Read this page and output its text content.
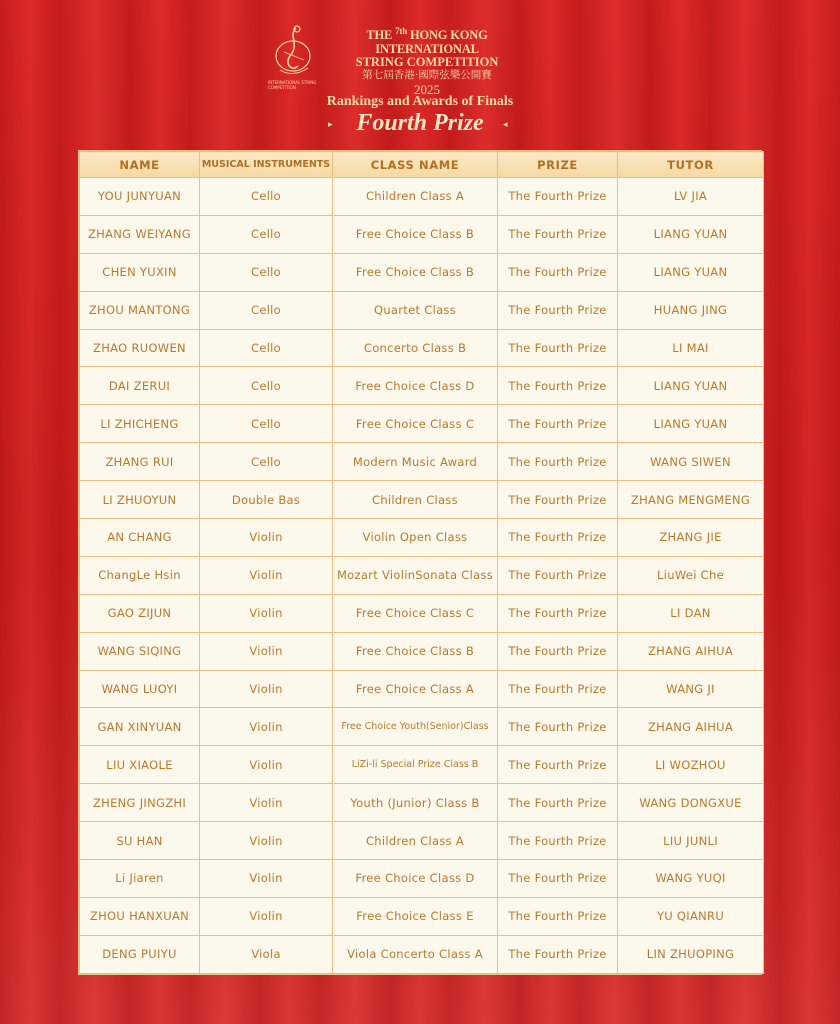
INTERNATIONAL STRING COMPETITION
THE $^{7th}$ HONG KONG INTERNATIONAL
STRING COMPETITION
第七屆香港·國際弦樂公開賽
2025
Rankings and Awards of Finals
▸ Fourth Prize	◂
NAME	MUSICAL INSTRUMENTS	CLASS NAME	PRIZE	TUTOR
YOU JUNYUAN	Cello	Children Class A	The Fourth Prize	LV JIA
ZHANG WEIYANG	Cello	Free Choice Class B	The Fourth Prize	LIANG YUAN
CHEN YUXIN	Cello	Free Choice Class B	The Fourth Prize	LIANG YUAN
ZHOU MANTONG	Cello	Quartet Class	The Fourth Prize	HUANG JING
ZHAO RUOWEN	Cello	Concerto Class B	The Fourth Prize	LI MAI
DAI ZERUI	Cello	Free Choice Class D	The Fourth Prize	LIANG YUAN
LI ZHICHENG	Cello	Free Choice Class C	The Fourth Prize	LIANG YUAN
ZHANG RUI	Cello	Modern Music Award	The Fourth Prize	WANG SIWEN
LI ZHUOYUN	Double Bas	Children Class	The Fourth Prize	ZHANG MENGMENG
AN CHANG	Violin	Violin Open Class	The Fourth Prize	ZHANG JIE
ChangLe Hsin	Violin	Mozart ViolinSonata Class	The Fourth Prize	LiuWei Che
GAO ZIJUN	Violin	Free Choice Class C	The Fourth Prize	LI DAN
WANG SIQING	Violin	Free Choice Class B	The Fourth Prize	ZHANG AIHUA
WANG LUOYI	Violin	Free Choice Class A	The Fourth Prize	WANG JI
GAN XINYUAN	Violin	Free Choice Youth(Senior)Class	The Fourth Prize	ZHANG AIHUA
LIU XIAOLE	Violin	LiZi-li Special Prize Class B	The Fourth Prize	LI WOZHOU
ZHENG JINGZHI	Violin	Youth (Junior) Class B	The Fourth Prize	WANG DONGXUE
SU HAN	Violin	Children Class A	The Fourth Prize	LIU JUNLI
Li Jiaren	Violin	Free Choice Class D	The Fourth Prize	WANG YUQI
ZHOU HANXUAN	Violin	Free Choice Class E	The Fourth Prize	YU QIANRU
DENG PUIYU	Viola	Viola Concerto Class A	The Fourth Prize	LIN ZHUOPING
